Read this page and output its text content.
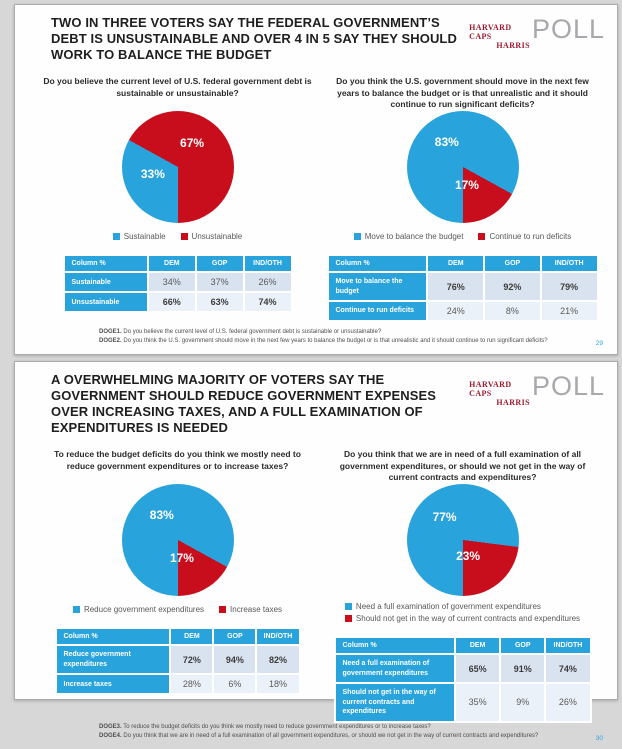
TWO IN THREE VOTERS SAY THE FEDERAL GOVERNMENT’S DEBT IS UNSUSTAINABLE AND OVER 4 IN 5 SAY THEY SHOULD WORK TO BALANCE THE BUDGET
HARVARD CAPS
HARRIS
POLL

Do you believe the current level of U.S. federal government debt is sustainable or unsustainable?

67%
33%
Sustainable	Unsustainable
Column %	DEM	GOP	IND/OTH
Sustainable	34%	37%	26%
Unsustainable	66%	63%	74%

Do you think the U.S. government should move in the next few years to balance the budget or is that unrealistic and it should continue to run significant deficits?

83%
17%
Move to balance the budget	Continue to run deficits
Column %	DEM	GOP	IND/OTH
Move to balance the budget	76%	92%	79%
Continue to run deficits	24%	8%	21%

DOGE1. Do you believe the current level of U.S. federal government debt is sustainable or unsustainable?

DOGE2. Do you think the U.S. government should move in the next few years to balance the budget or is that unrealistic and it should continue to run significant deficits?	29
A OVERWHELMING MAJORITY OF VOTERS SAY THE GOVERNMENT SHOULD REDUCE GOVERNMENT EXPENSES OVER INCREASING TAXES, AND A FULL EXAMINATION OF EXPENDITURES IS NEEDED
HARVARD CAPS
HARRIS
POLL

To reduce the budget deficits do you think we mostly need to reduce government expenditures or to increase taxes?

83%
17%
Reduce government expenditures	Increase taxes
Column %	DEM	GOP	IND/OTH
Reduce government expenditures	72%	94%	82%
Increase taxes	28%	6%	18%

Do you think that we are in need of a full examination of all government expenditures, or should we not get in the way of current contracts and expenditures?

77%
23%
Need a full examination of government expenditures
Should not get in the way of current contracts and expenditures
Column %	DEM	GOP	IND/OTH
Need a full examination of government expenditures	65%	91%	74%
Should not get in the way of current contracts and expenditures	35%	9%	26%

DOGE3. To reduce the budget deficits do you think we mostly need to reduce government expenditures or to increase taxes?

DOGE4. Do you think that we are in need of a full examination of all government expenditures, or should we not get in the way of current contracts and expenditures?	30
